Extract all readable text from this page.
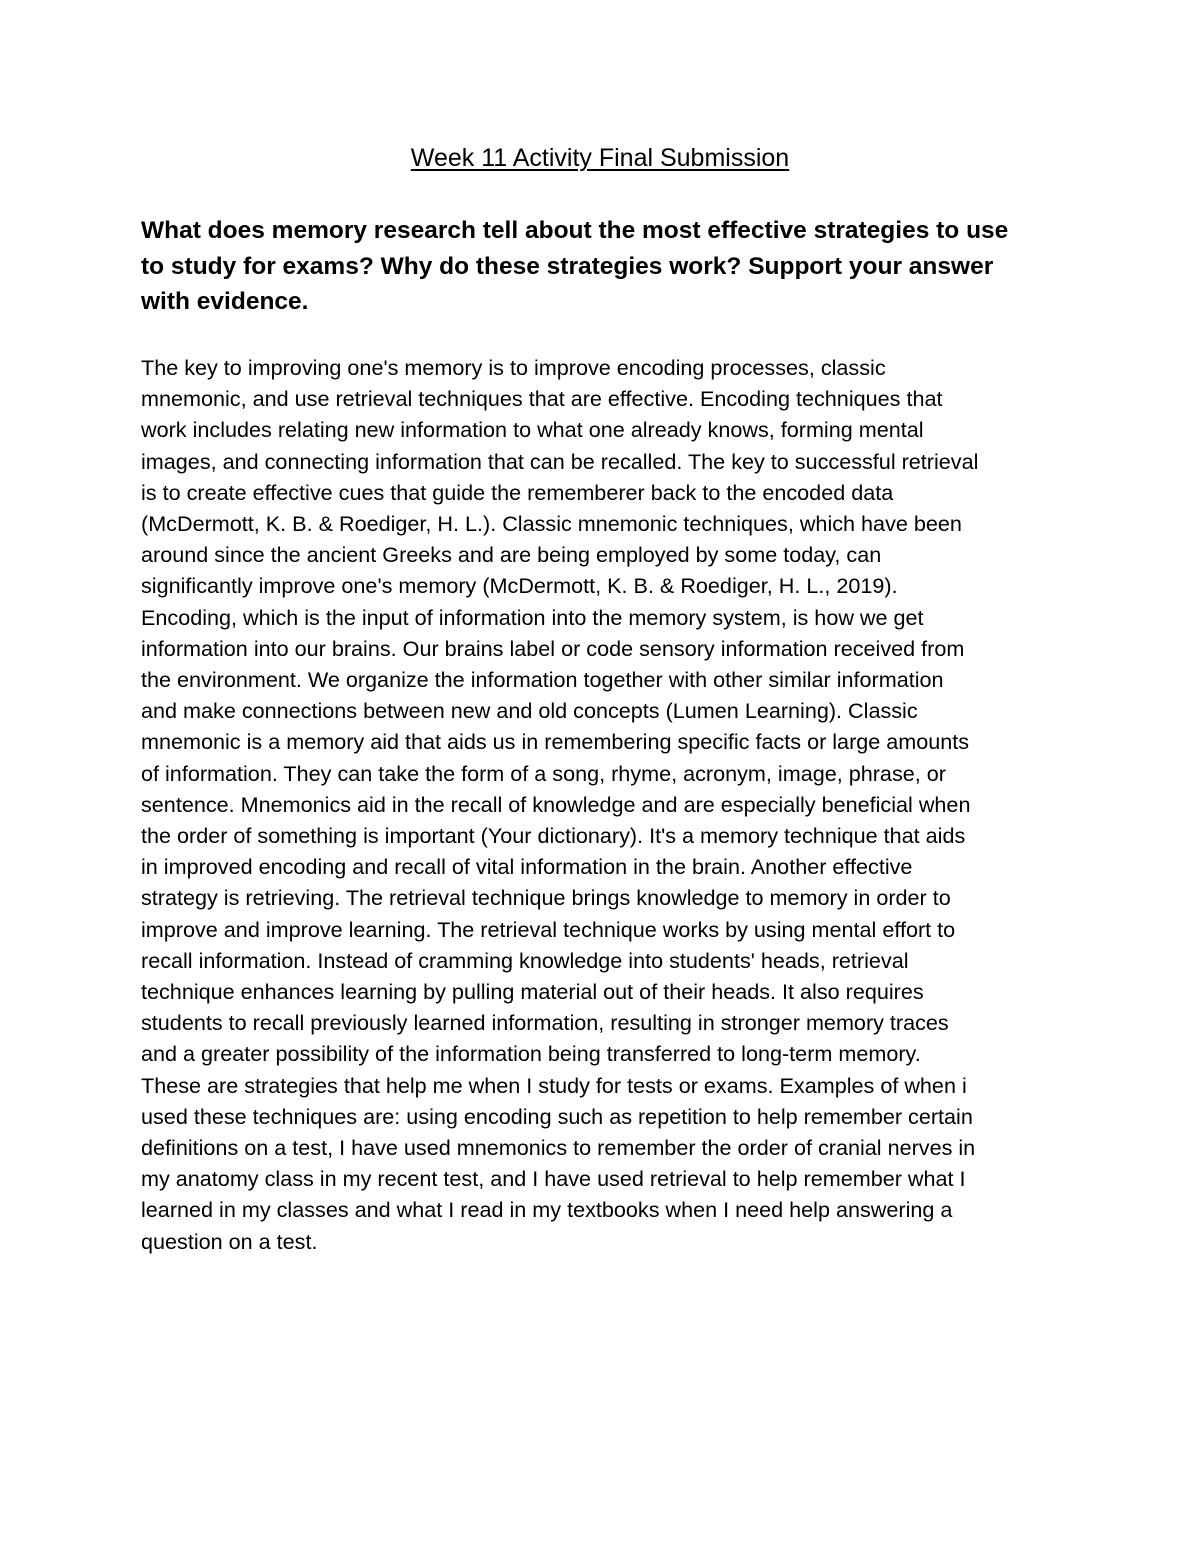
Week 11 Activity Final Submission

What does memory research tell about the most effective strategies to use
to study for exams? Why do these strategies work? Support your answer
with evidence.

The key to improving one's memory is to improve encoding processes, classic
mnemonic, and use retrieval techniques that are effective. Encoding techniques that
work includes relating new information to what one already knows, forming mental
images, and connecting information that can be recalled. The key to successful retrieval
is to create effective cues that guide the rememberer back to the encoded data
(McDermott, K. B. & Roediger, H. L.). Classic mnemonic techniques, which have been
around since the ancient Greeks and are being employed by some today, can
significantly improve one's memory (McDermott, K. B. & Roediger, H. L., 2019).
Encoding, which is the input of information into the memory system, is how we get
information into our brains. Our brains label or code sensory information received from
the environment. We organize the information together with other similar information
and make connections between new and old concepts (Lumen Learning). Classic
mnemonic is a memory aid that aids us in remembering specific facts or large amounts
of information. They can take the form of a song, rhyme, acronym, image, phrase, or
sentence. Mnemonics aid in the recall of knowledge and are especially beneficial when
the order of something is important (Your dictionary). It's a memory technique that aids
in improved encoding and recall of vital information in the brain. Another effective
strategy is retrieving. The retrieval technique brings knowledge to memory in order to
improve and improve learning. The retrieval technique works by using mental effort to
recall information. Instead of cramming knowledge into students' heads, retrieval
technique enhances learning by pulling material out of their heads. It also requires
students to recall previously learned information, resulting in stronger memory traces
and a greater possibility of the information being transferred to long-term memory.
These are strategies that help me when I study for tests or exams. Examples of when i
used these techniques are: using encoding such as repetition to help remember certain
definitions on a test, I have used mnemonics to remember the order of cranial nerves in
my anatomy class in my recent test, and I have used retrieval to help remember what I
learned in my classes and what I read in my textbooks when I need help answering a
question on a test.
